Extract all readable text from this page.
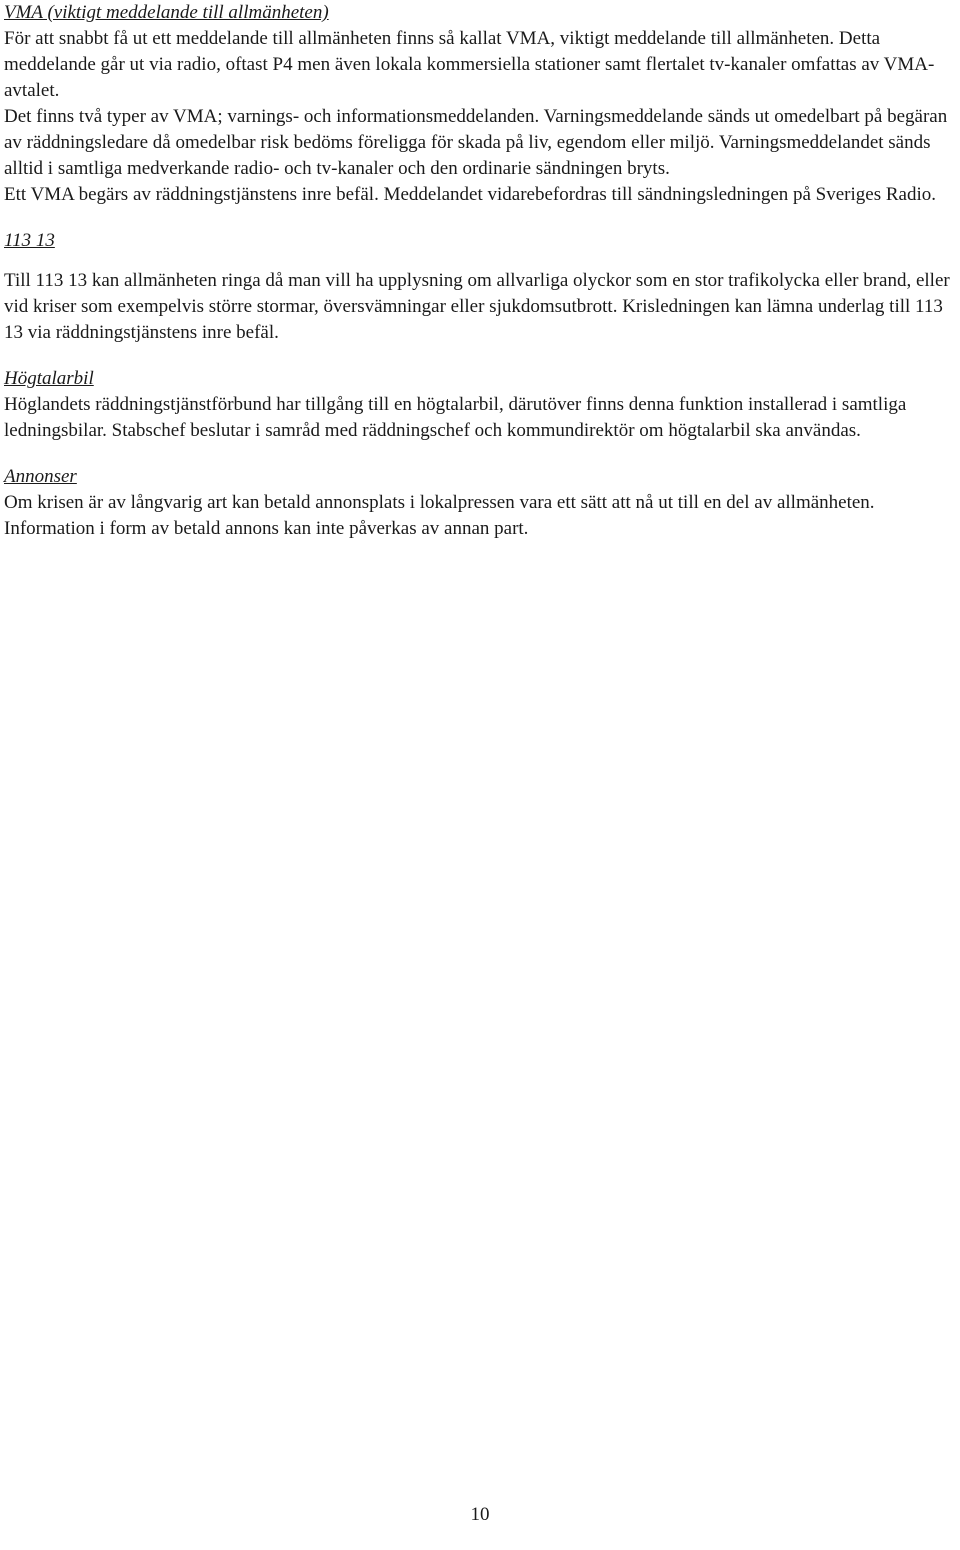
VMA (viktigt meddelande till allmänheten)

För att snabbt få ut ett meddelande till allmänheten finns så kallat VMA, viktigt meddelande till allmänheten. Detta meddelande går ut via radio, oftast P4 men även lokala kommersiella stationer samt flertalet tv-kanaler omfattas av VMA-avtalet.

Det finns två typer av VMA; varnings- och informationsmeddelanden. Varningsmeddelande sänds ut omedelbart på begäran av räddningsledare då omedelbar risk bedöms föreligga för skada på liv, egendom eller miljö. Varningsmeddelandet sänds alltid i samtliga medverkande radio- och tv-kanaler och den ordinarie sändningen bryts.

Ett VMA begärs av räddningstjänstens inre befäl. Meddelandet vidarebefordras till sändningsledningen på Sveriges Radio.

113 13

Till 113 13 kan allmänheten ringa då man vill ha upplysning om allvarliga olyckor som en stor trafikolycka eller brand, eller vid kriser som exempelvis större stormar, översvämningar eller sjukdomsutbrott. Krisledningen kan lämna underlag till 113 13 via räddningstjänstens inre befäl.

Högtalarbil

Höglandets räddningstjänstförbund har tillgång till en högtalarbil, därutöver finns denna funktion installerad i samtliga ledningsbilar. Stabschef beslutar i samråd med räddningschef och kommundirektör om högtalarbil ska användas.

Annonser

Om krisen är av långvarig art kan betald annonsplats i lokalpressen vara ett sätt att nå ut till en del av allmänheten. Information i form av betald annons kan inte påverkas av annan part.

10
